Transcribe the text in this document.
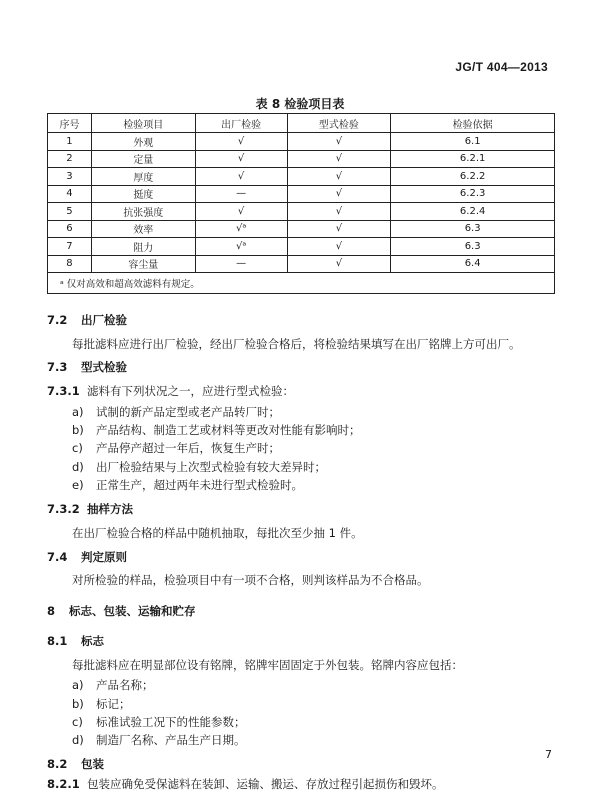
JG/T 404—2013
表 8 检验项目表
序号	检验项目	出厂检验	型式检验	检验依据
1	外观	√	√	6.1
2	定量	√	√	6.2.1
3	厚度	√	√	6.2.2
4	挺度	—	√	6.2.3
5	抗张强度	√	√	6.2.4
6	效率	√ᵃ	√	6.3
7	阻力	√ᵃ	√	6.3
8	容尘量	—	√	6.4
ᵃ 仅对高效和超高效滤料有规定。				
7.2 出厂检验
每批滤料应进行出厂检验，经出厂检验合格后，将检验结果填写在出厂铭牌上方可出厂。
7.3 型式检验
7.3.1 滤料有下列状况之一，应进行型式检验：
a) 试制的新产品定型或老产品转厂时；
b) 产品结构、制造工艺或材料等更改对性能有影响时；
c) 产品停产超过一年后，恢复生产时；
d) 出厂检验结果与上次型式检验有较大差异时；
e) 正常生产，超过两年未进行型式检验时。
7.3.2 抽样方法
在出厂检验合格的样品中随机抽取，每批次至少抽 1 件。
7.4 判定原则
对所检验的样品，检验项目中有一项不合格，则判该样品为不合格品。
8 标志、包装、运输和贮存
8.1 标志
每批滤料应在明显部位设有铭牌，铭牌牢固固定于外包装。铭牌内容应包括：
a) 产品名称；
b) 标记；
c) 标准试验工况下的性能参数；
d) 制造厂名称、产品生产日期。
8.2 包装
8.2.1 包装应确免受保滤料在装卸、运输、搬运、存放过程引起损伤和毁坏。
7
